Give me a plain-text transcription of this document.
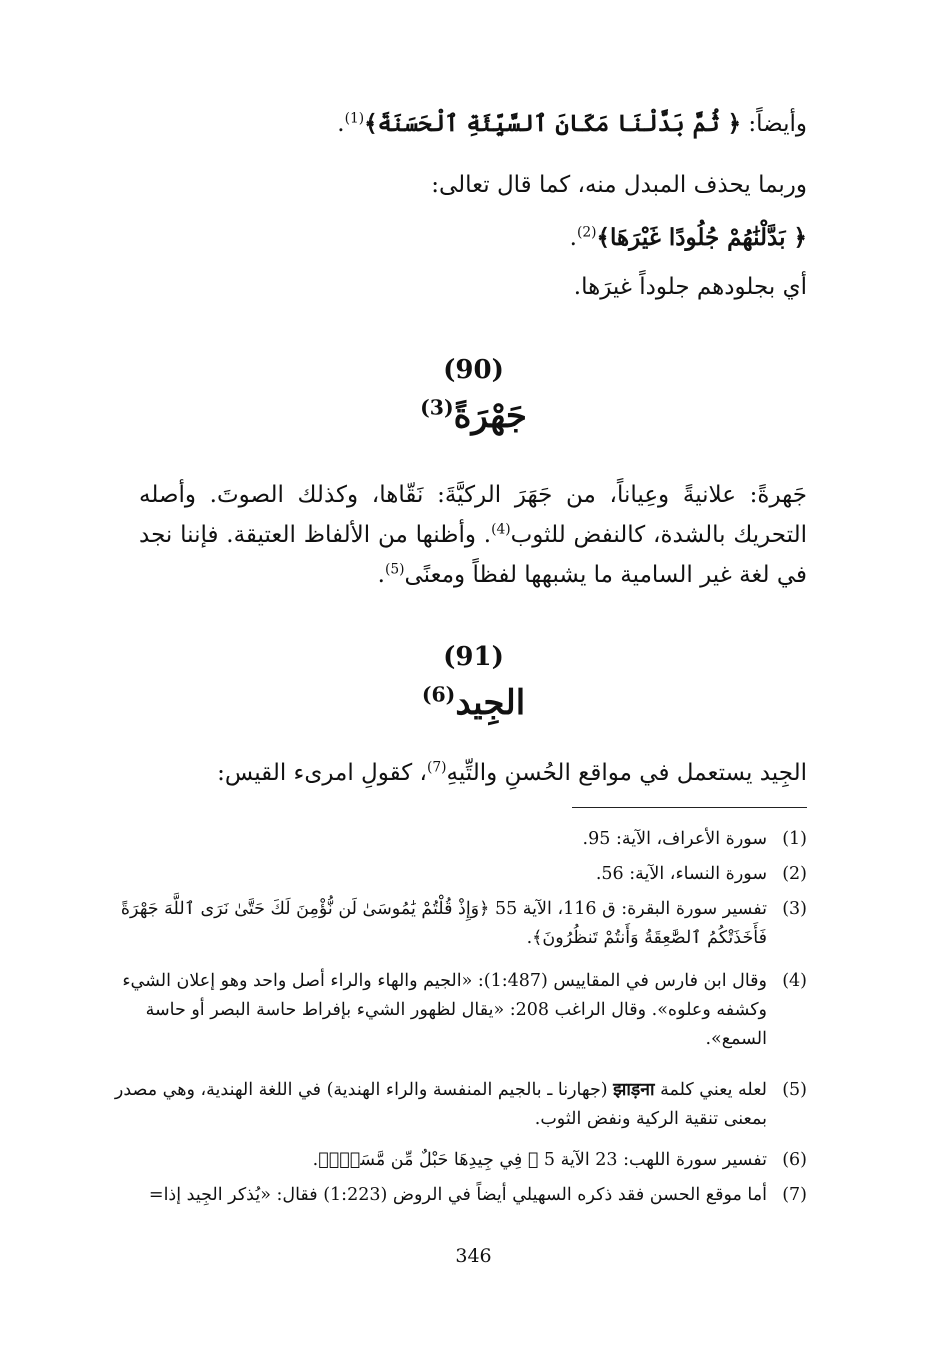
وأيضاً: ﴿ ثُمَّ بَدَّلْنَا مَكَانَ ٱلسَّيِّئَةِ ٱلْحَسَنَةَ﴾$^{(1)}$.
وربما يحذف المبدل منه، كما قال تعالى:
﴿ بَدَّلْنَٰهُمْ جُلُودًا غَيْرَهَا﴾$^{(2)}$.
أي بجلودهم جلوداً غيرَها.
(90)
جَهْرَةً$^{(3)}$
جَهرةً: علانيةً وعِياناً، من جَهَرَ الركيَّةَ: نَقّاها، وكذلك الصوتَ. وأصله التحريك بالشدة، كالنفض للثوب$^{(4)}$. وأظنها من الألفاظ العتيقة. فإننا نجد في لغة غير السامية ما يشبهها لفظاً ومعنًى$^{(5)}$.
(91)
الجِيد$^{(6)}$
الجِيد يستعمل في مواقع الحُسنِ والتِّيهِ$^{(7)}$، كقولِ امرىء القيس:
(1)
سورة الأعراف، الآية: 95.
(2)
سورة النساء، الآية: 56.
(3)
تفسير سورة البقرة: ق 116، الآية 55 ﴿وَإِذْ قُلْتُمْ يَٰمُوسَىٰ لَن نُّؤْمِنَ لَكَ حَتَّىٰ نَرَى ٱللَّهَ جَهْرَةً فَأَخَذَتْكُمُ ٱلصَّٰعِقَةُ وَأَنتُمْ تَنظُرُونَ﴾.
(4)
وقال ابن فارس في المقاييس (1:487): «الجيم والهاء والراء أصل واحد وهو إعلان الشيء وكشفه وعلوه». وقال الراغب 208: «يقال لظهور الشيء بإفراط حاسة البصر أو حاسة السمع».
(5)
لعله يعني كلمة झाड़ना (جهارنا ـ بالجيم المنفسة والراء الهندية) في اللغة الهندية، وهي مصدر بمعنى تنقية الركية ونفض الثوب.
(6)
تفسير سورة اللهب: 23 الآية 5 ﴿ فِي جِيدِهَا حَبْلٌ مِّن مَّسَدٍۭ﴾.
(7)
أما موقع الحسن فقد ذكره السهيلي أيضاً في الروض (1:223) فقال: «يُذكر الجِيد إذا=
346
